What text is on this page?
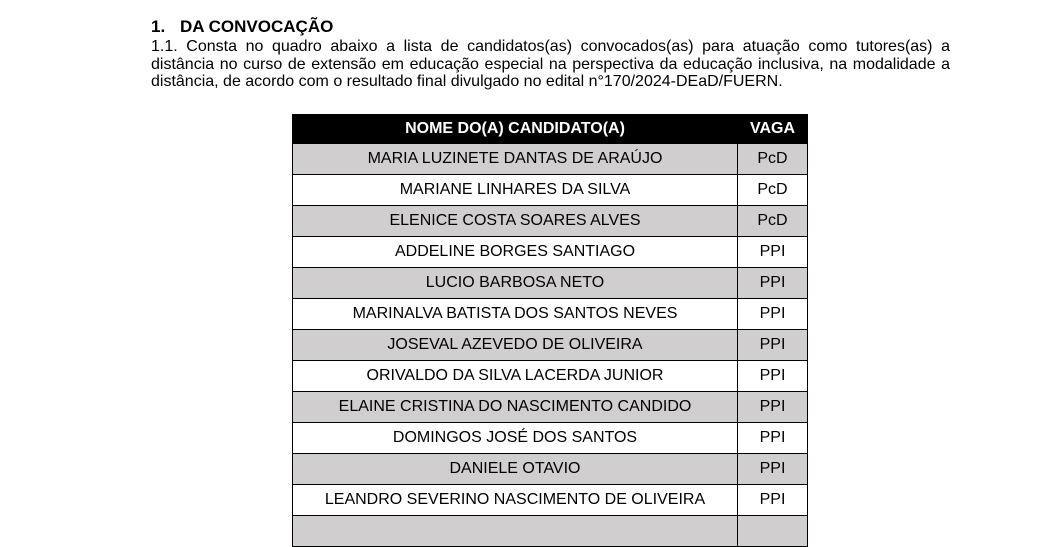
1. DA CONVOCAÇÃO
1.1. Consta no quadro abaixo a lista de candidatos(as) convocados(as) para atuação como tutores(as) a distância no curso de extensão em educação especial na perspectiva da educação inclusiva, na modalidade a distância, de acordo com o resultado final divulgado no edital n°170/2024-DEaD/FUERN.
NOME DO(A) CANDIDATO(A)	VAGA
MARIA LUZINETE DANTAS DE ARAÚJO	PcD
MARIANE LINHARES DA SILVA	PcD
ELENICE COSTA SOARES ALVES	PcD
ADDELINE BORGES SANTIAGO	PPI
LUCIO BARBOSA NETO	PPI
MARINALVA BATISTA DOS SANTOS NEVES	PPI
JOSEVAL AZEVEDO DE OLIVEIRA	PPI
ORIVALDO DA SILVA LACERDA JUNIOR	PPI
ELAINE CRISTINA DO NASCIMENTO CANDIDO	PPI
DOMINGOS JOSÉ DOS SANTOS	PPI
DANIELE OTAVIO	PPI
LEANDRO SEVERINO NASCIMENTO DE OLIVEIRA	PPI
